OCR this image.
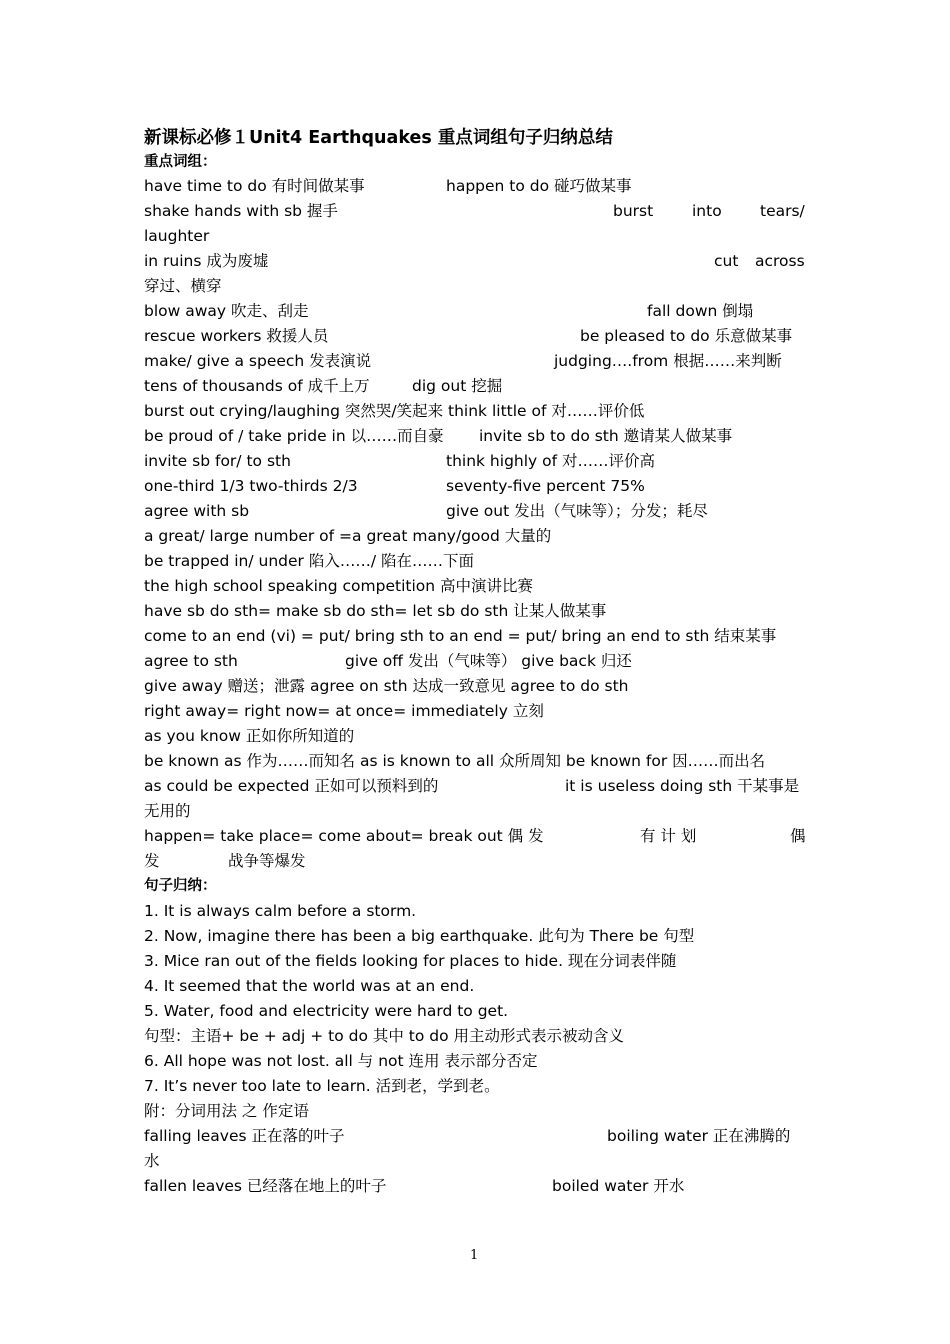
新课标必修１Unit4 Earthquakes 重点词组句子归纳总结
重点词组：
have time to do 有时间做某事	happen to do 碰巧做某事
shake hands with sb 握手	burst	into tears/
laughter
in ruins 成为废墟	cut across
穿过、横穿
blow away 吹走、刮走	fall down 倒塌
rescue workers 救援人员	be pleased to do 乐意做某事
make/ give a speech 发表演说	judging….from 根据……来判断
tens of thousands of 成千上万	dig out 挖掘
burst out crying/laughing 突然哭/笑起来 think little of 对……评价低
be proud of / take pride in 以……而自豪 invite sb to do sth 邀请某人做某事
invite sb for/ to sth	think highly of 对……评价高
one-third 1/3 two-thirds 2/3	seventy-five percent 75%
agree with sb	give out 发出（气味等）；分发；耗尽
a great/ large number of =a great many/good 大量的
be trapped in/ under 陷入……/ 陷在……下面
the high school speaking competition 高中演讲比赛
have sb do sth= make sb do sth= let sb do sth 让某人做某事
come to an end (vi) = put/ bring sth to an end = put/ bring an end to sth 结束某事
agree to sth	give off 发出（气味等） give back 归还
give away 赠送；泄露 agree on sth 达成一致意见 agree to do sth
right away= right now= at once= immediately 立刻
as you know 正如你所知道的
be known as 作为……而知名 as is known to all 众所周知 be known for 因……而出名
as could be expected 正如可以预料到的	it is useless doing sth 干某事是
无用的
happen= take place= come about= break out 偶 发	有 计 划	偶
发	战争等爆发
句子归纳：
1. It is always calm before a storm.
2. Now, imagine there has been a big earthquake. 此句为 There be 句型
3. Mice ran out of the fields looking for places to hide. 现在分词表伴随
4. It seemed that the world was at an end.
5. Water, food and electricity were hard to get.
句型：主语+ be + adj + to do 其中 to do 用主动形式表示被动含义
6. All hope was not lost. all 与 not 连用 表示部分否定
7. It’s never too late to learn. 活到老，学到老。
附：分词用法 之 作定语
falling leaves 正在落的叶子	boiling water 正在沸腾的
水
fallen leaves 已经落在地上的叶子	boiled water 开水
1
